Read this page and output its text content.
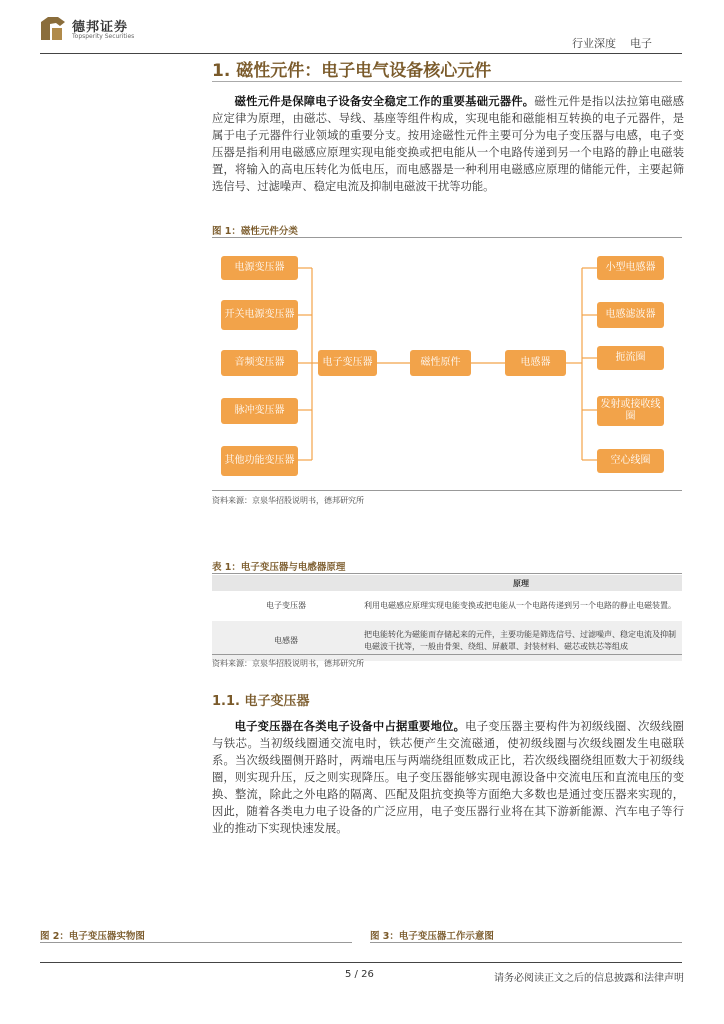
德邦证券
Topsperity Securities
行业深度 电子
1. 磁性元件：电子电气设备核心元件
磁性元件是保障电子设备安全稳定工作的重要基础元器件。磁性元件是指以法拉第电磁感应定律为原理，由磁芯、导线、基座等组件构成，实现电能和磁能相互转换的电子元器件，是属于电子元器件行业领域的重要分支。按用途磁性元件主要可分为电子变压器与电感，电子变压器是指利用电磁感应原理实现电能变换或把电能从一个电路传递到另一个电路的静止电磁装置，将输入的高电压转化为低电压，而电感器是一种利用电磁感应原理的储能元件，主要起筛选信号、过滤噪声、稳定电流及抑制电磁波干扰等功能。
图 1：磁性元件分类
电源变压器
开关电源变压器
音频变压器
脉冲变压器
其他功能变压器
电子变压器	磁性原件	电感器
小型电感器
电感滤波器
扼流圈
发射或接收线圈
空心线圈
资料来源：京泉华招股说明书，德邦研究所
表 1：电子变压器与电感器原理
	原理
电子变压器	利用电磁感应原理实现电能变换或把电能从一个电路传递到另一个电路的静止电磁装置。
电感器	把电能转化为磁能而存储起来的元件，主要功能是筛选信号、过滤噪声、稳定电流及抑制电磁波干扰等，一般由骨架、绕组、屏蔽罩、封装材料、磁芯或铁芯等组成
资料来源：京泉华招股说明书，德邦研究所
1.1. 电子变压器
电子变压器在各类电子设备中占据重要地位。电子变压器主要构件为初级线圈、次级线圈与铁芯。当初级线圈通交流电时，铁芯便产生交流磁通，使初级线圈与次级线圈发生电磁联系。当次级线圈侧开路时，两端电压与两端绕组匝数成正比，若次级线圈绕组匝数大于初级线圈，则实现升压，反之则实现降压。电子变压器能够实现电源设备中交流电压和直流电压的变换、整流，除此之外电路的隔离、匹配及阻抗变换等方面绝大多数也是通过变压器来实现的，因此，随着各类电力电子设备的广泛应用，电子变压器行业将在其下游新能源、汽车电子等行业的推动下实现快速发展。
图 2：电子变压器实物图	图 3：电子变压器工作示意图
5 / 26	请务必阅读正文之后的信息披露和法律声明
